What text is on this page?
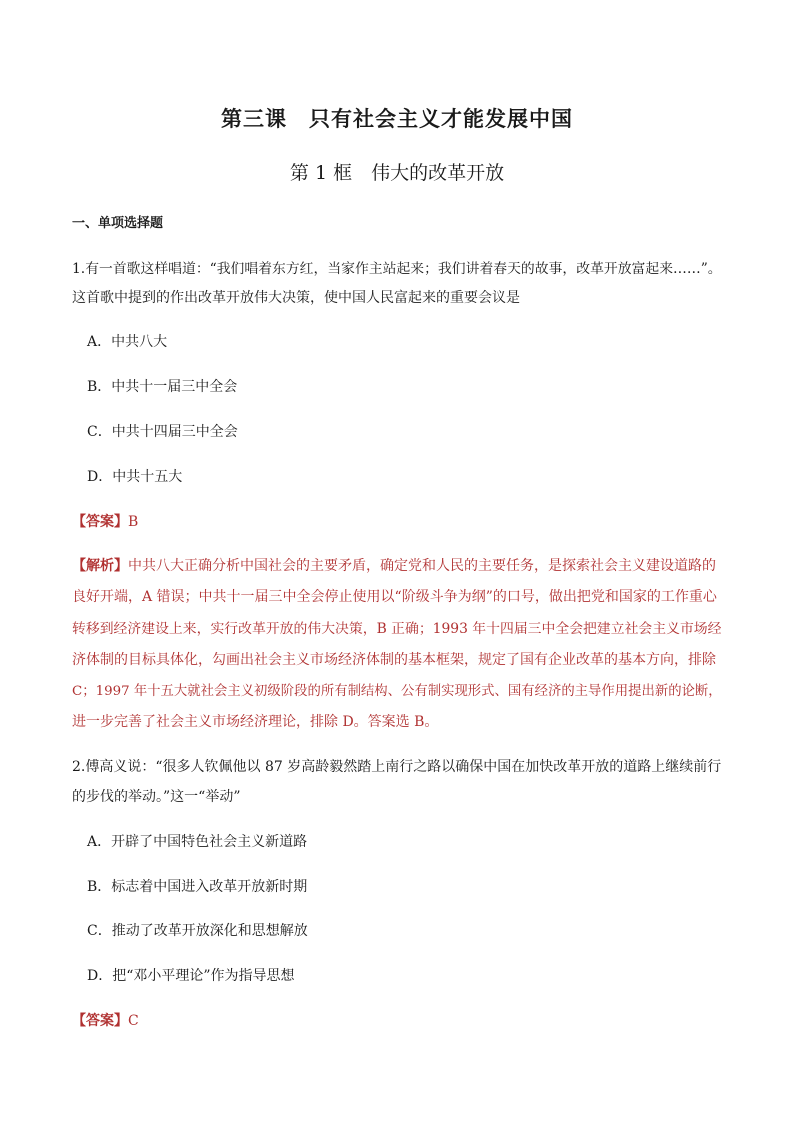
第三课　只有社会主义才能发展中国
第 1 框　伟大的改革开放
一、单项选择题
1.有一首歌这样唱道：“我们唱着东方红，当家作主站起来；我们讲着春天的故事，改革开放富起来……”。
这首歌中提到的作出改革开放伟大决策，使中国人民富起来的重要会议是
A．中共八大
B．中共十一届三中全会
C．中共十四届三中全会
D．中共十五大
【答案】B
【解析】中共八大正确分析中国社会的主要矛盾，确定党和人民的主要任务，是探索社会主义建设道路的
良好开端，A 错误；中共十一届三中全会停止使用以“阶级斗争为纲”的口号，做出把党和国家的工作重心
转移到经济建设上来，实行改革开放的伟大决策，B 正确；1993 年十四届三中全会把建立社会主义市场经
济体制的目标具体化，勾画出社会主义市场经济体制的基本框架，规定了国有企业改革的基本方向，排除
C；1997 年十五大就社会主义初级阶段的所有制结构、公有制实现形式、国有经济的主导作用提出新的论断，
进一步完善了社会主义市场经济理论，排除 D。答案选 B。
2.傅高义说：“很多人钦佩他以 87 岁高龄毅然踏上南行之路以确保中国在加快改革开放的道路上继续前行
的步伐的举动。”这一“举动”
A．开辟了中国特色社会主义新道路
B．标志着中国进入改革开放新时期
C．推动了改革开放深化和思想解放
D．把“邓小平理论”作为指导思想
【答案】C
